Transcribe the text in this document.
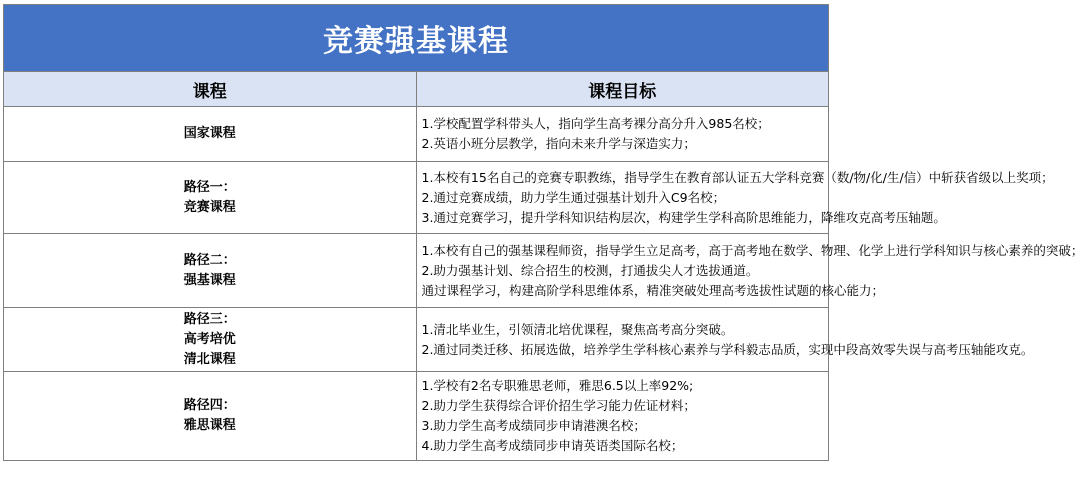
竞赛强基课程	
课程	课程目标

国家课程	1.学校配置学科带头人，指向学生高考裸分高分升入985名校；
2.英语小班分层教学，指向未来升学与深造实力；

路径一：
竞赛课程	1.本校有15名自己的竞赛专职教练，指导学生在教育部认证五大学科竞赛（数/物/化/生/信）中斩获省级以上奖项；
2.通过竞赛成绩，助力学生通过强基计划升入C9名校；
3.通过竞赛学习，提升学科知识结构层次，构建学生学科高阶思维能力，降维攻克高考压轴题。

路径二：
强基课程	1.本校有自己的强基课程师资，指导学生立足高考，高于高考地在数学、物理、化学上进行学科知识与核心素养的突破；
2.助力强基计划、综合招生的校测，打通拔尖人才选拔通道。
通过课程学习，构建高阶学科思维体系，精准突破处理高考选拔性试题的核心能力；

路径三：
高考培优
清北课程	1.清北毕业生，引领清北培优课程，聚焦高考高分突破。
2.通过同类迁移、拓展选做，培养学生学科核心素养与学科毅志品质，实现中段高效零失误与高考压轴能攻克。

路径四：
雅思课程	1.学校有2名专职雅思老师，雅思6.5以上率92%;
2.助力学生获得综合评价招生学习能力佐证材料；
3.助力学生高考成绩同步申请港澳名校；
4.助力学生高考成绩同步申请英语类国际名校；
